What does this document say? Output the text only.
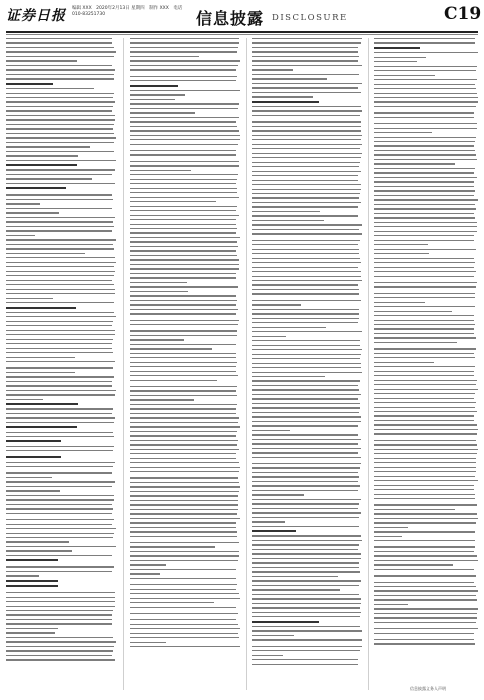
证券日报 编辑 XXX　2020年2月13日 星期四　制作 XXX　电话 010-83251730	信息披露 DISCLOSURE	C19
信息披露义务人声明
